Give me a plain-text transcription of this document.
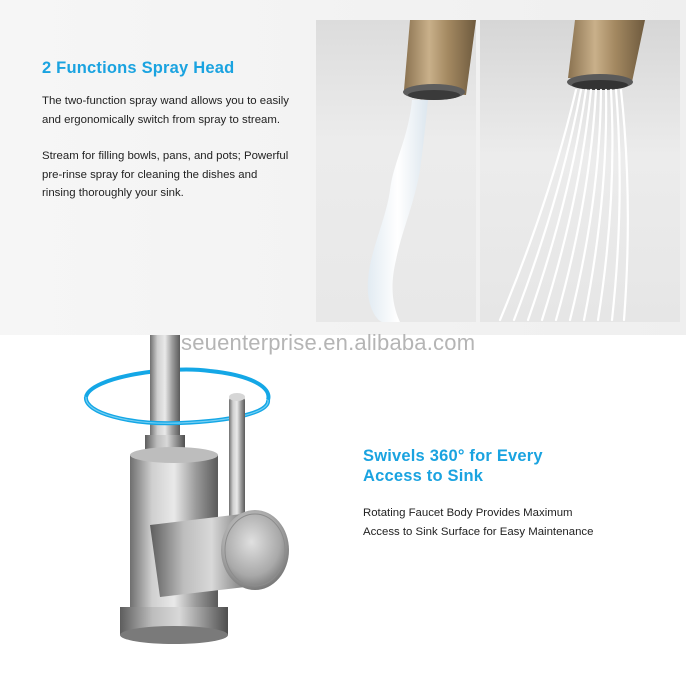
2 Functions Spray Head

The two-function spray wand allows you to easily and ergonomically switch from spray to stream.

Stream for filling bowls, pans, and pots; Powerful pre-rinse spray for cleaning the dishes and rinsing thoroughly your sink.

seuenterprise.en.alibaba.com
Swivels 360° for Every
Access to Sink

Rotating Faucet Body Provides Maximum Access to Sink Surface for Easy Maintenance
